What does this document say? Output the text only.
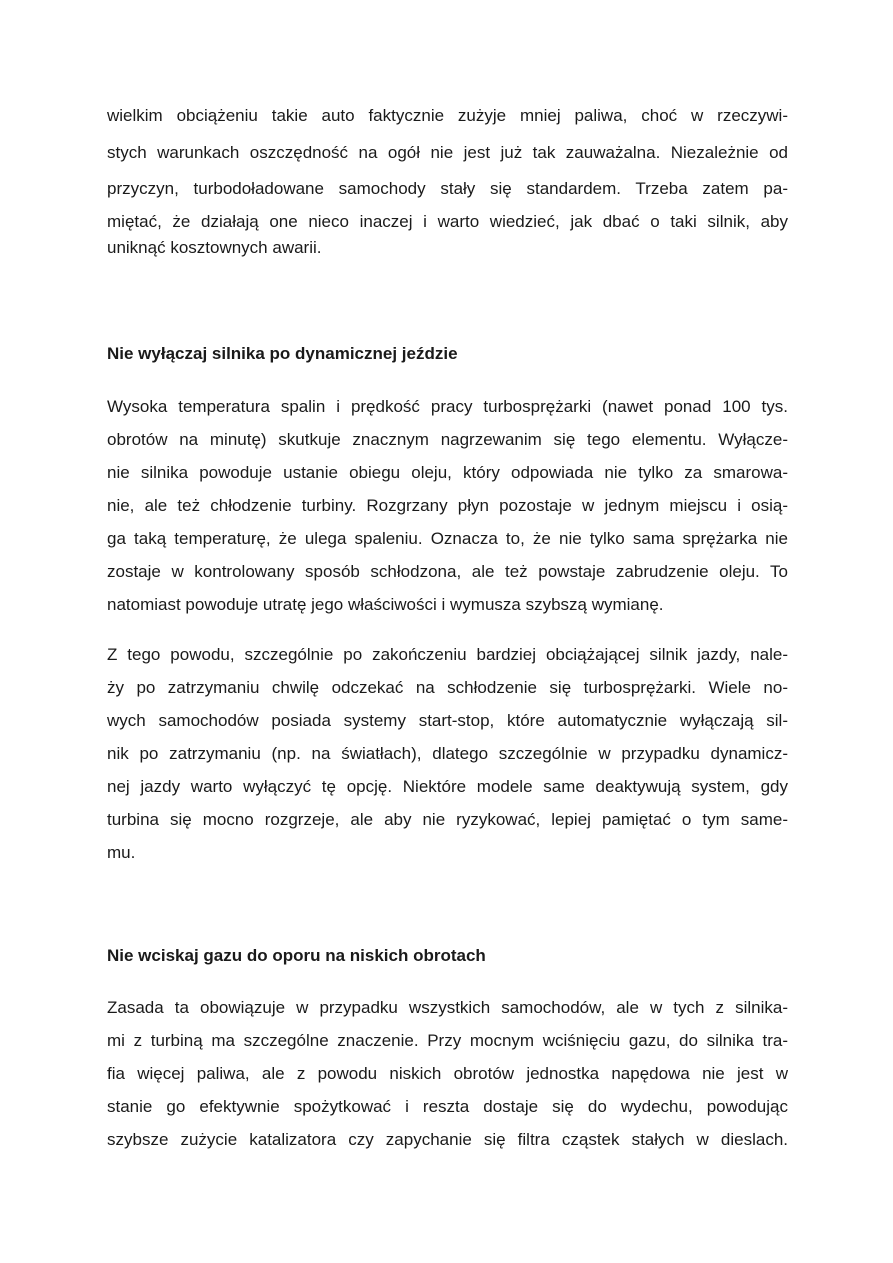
wielkim obciążeniu takie auto faktycznie zużyje mniej paliwa, choć w rzeczywi-
stych warunkach oszczędność na ogół nie jest już tak zauważalna. Niezależnie od
przyczyn, turbodoładowane samochody stały się standardem. Trzeba zatem pa-
miętać, że działają one nieco inaczej i warto wiedzieć, jak dbać o taki silnik, aby
uniknąć kosztownych awarii.
Nie wyłączaj silnika po dynamicznej jeździe
Wysoka temperatura spalin i prędkość pracy turbosprężarki (nawet ponad 100 tys.
obrotów na minutę) skutkuje znacznym nagrzewanim się tego elementu. Wyłącze-
nie silnika powoduje ustanie obiegu oleju, który odpowiada nie tylko za smarowa-
nie, ale też chłodzenie turbiny. Rozgrzany płyn pozostaje w jednym miejscu i osią-
ga taką temperaturę, że ulega spaleniu. Oznacza to, że nie tylko sama sprężarka nie
zostaje w kontrolowany sposób schłodzona, ale też powstaje zabrudzenie oleju. To
natomiast powoduje utratę jego właściwości i wymusza szybszą wymianę.
Z tego powodu, szczególnie po zakończeniu bardziej obciążającej silnik jazdy, nale-
ży po zatrzymaniu chwilę odczekać na schłodzenie się turbosprężarki. Wiele no-
wych samochodów posiada systemy start-stop, które automatycznie wyłączają sil-
nik po zatrzymaniu (np. na światłach), dlatego szczególnie w przypadku dynamicz-
nej jazdy warto wyłączyć tę opcję. Niektóre modele same deaktywują system, gdy
turbina się mocno rozgrzeje, ale aby nie ryzykować, lepiej pamiętać o tym same-
mu.
Nie wciskaj gazu do oporu na niskich obrotach
Zasada ta obowiązuje w przypadku wszystkich samochodów, ale w tych z silnika-
mi z turbiną ma szczególne znaczenie. Przy mocnym wciśnięciu gazu, do silnika tra-
fia więcej paliwa, ale z powodu niskich obrotów jednostka napędowa nie jest w
stanie go efektywnie spożytkować i reszta dostaje się do wydechu, powodując
szybsze zużycie katalizatora czy zapychanie się filtra cząstek stałych w dieslach.
